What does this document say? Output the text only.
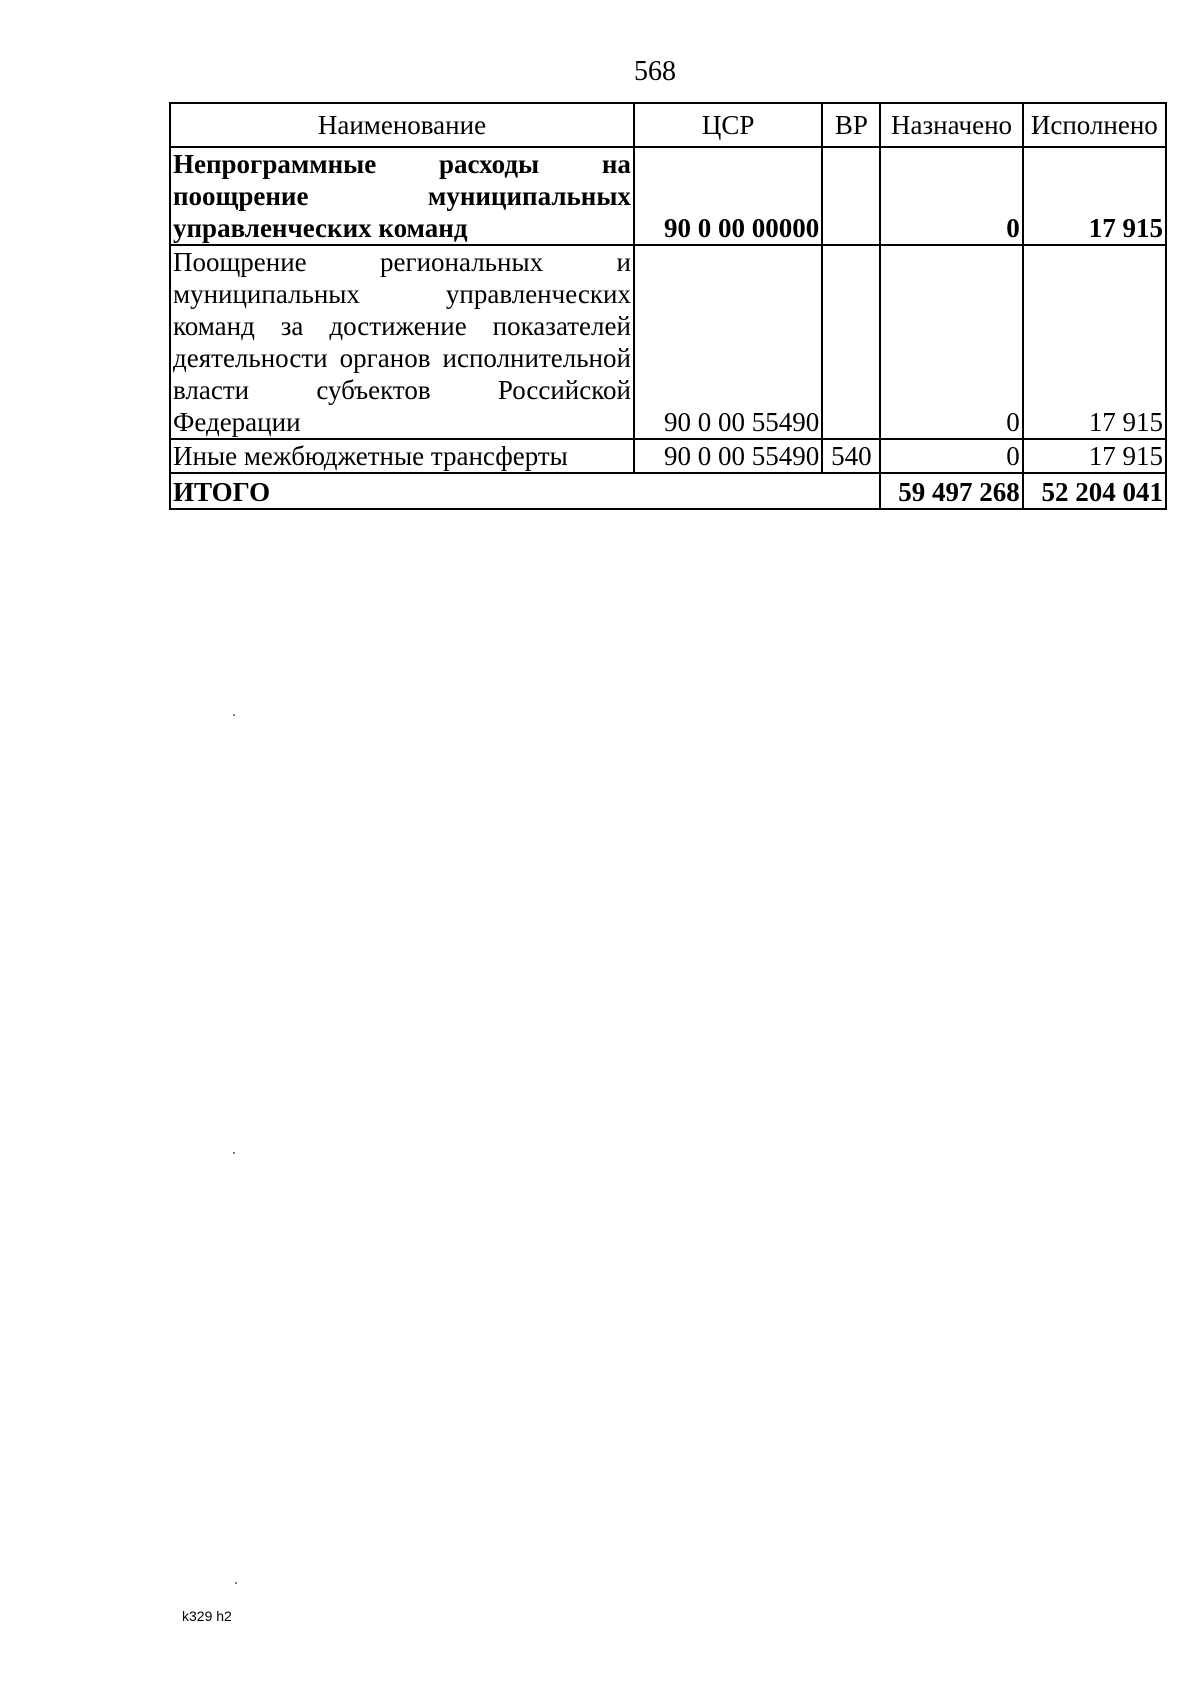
568
Наименование	ЦСР	ВР	Назначено	Исполнено
Непрограммные расходы на поощрение муниципальных управленческих команд	90 0 00 00000		0	17 915
Поощрение региональных и муниципальных управленческих команд за достижение показателей деятельности органов исполнительной власти субъектов Российской Федерации	90 0 00 55490		0	17 915
Иные межбюджетные трансферты	90 0 00 55490	540	0	17 915
ИТОГО			59 497 268	52 204 041
k329 h2
